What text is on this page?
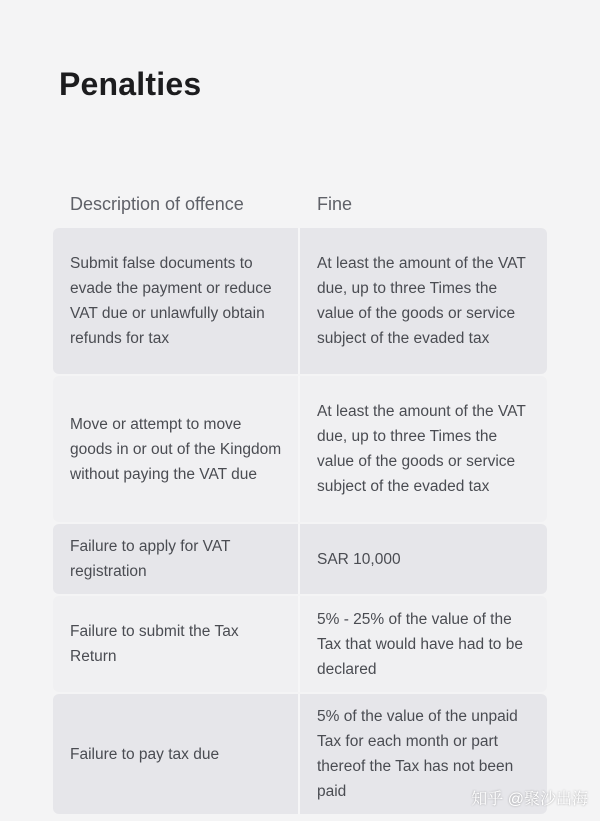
Penalties
Description of offence	Fine
Submit false documents to evade the payment or reduce VAT due or unlawfully obtain refunds for tax
At least the amount of the VAT due, up to three Times the value of the goods or service subject of the evaded tax
Move or attempt to move goods in or out of the Kingdom without paying the VAT due
At least the amount of the VAT due, up to three Times the value of the goods or service subject of the evaded tax
Failure to apply for VAT registration
SAR 10,000
Failure to submit the Tax Return
5% - 25% of the value of the Tax that would have had to be declared
Failure to pay tax due
5% of the value of the unpaid Tax for each month or part thereof the Tax has not been paid	知乎 @聚沙出海
